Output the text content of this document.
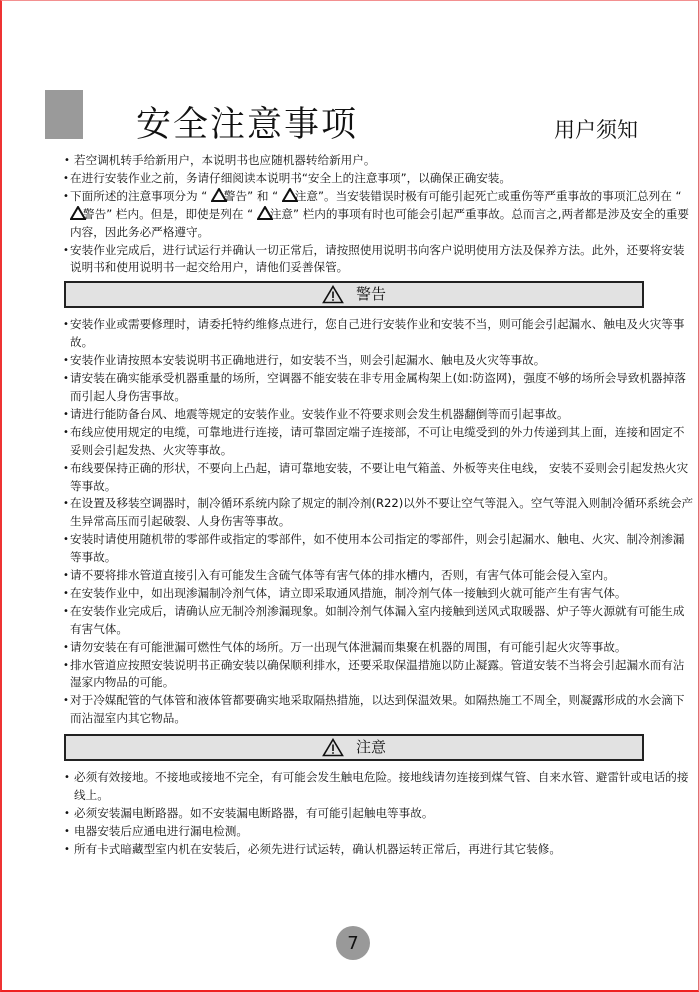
安全注意事项	用户须知

• 若空调机转手给新用户，本说明书也应随机器转给新用户。

• 在进行安装作业之前，务请仔细阅读本说明书“安全上的注意事项”，以确保正确安装。

• 下面所述的注意事项分为 “ 警告” 和 “ 注意”。当安装错误时极有可能引起死亡或重伤等严重事故的事项汇总列在 “ 警告” 栏内。但是，即使是列在 “ 注意” 栏内的事项有时也可能会引起严重事故。总而言之,两者都是涉及安全的重要内容，因此务必严格遵守。

• 安装作业完成后，进行试运行并确认一切正常后，请按照使用说明书向客户说明使用方法及保养方法。此外，还要将安装说明书和使用说明书一起交给用户，请他们妥善保管。

警告

• 安装作业或需要修理时，请委托特约维修点进行，您自己进行安装作业和安装不当，则可能会引起漏水、触电及火灾等事故。

• 安装作业请按照本安装说明书正确地进行，如安装不当，则会引起漏水、触电及火灾等事故。

• 请安装在确实能承受机器重量的场所，空调器不能安装在非专用金属构架上(如:防盗网)，强度不够的场所会导致机器掉落而引起人身伤害事故。

• 请进行能防备台风、地震等规定的安装作业。安装作业不符要求则会发生机器翻倒等而引起事故。

• 布线应使用规定的电缆，可靠地进行连接，请可靠固定端子连接部，不可让电缆受到的外力传递到其上面，连接和固定不妥则会引起发热、火灾等事故。

• 布线要保持正确的形状，不要向上凸起，请可靠地安装，不要让电气箱盖、外板等夹住电线， 安装不妥则会引起发热火灾等事故。

• 在设置及移装空调器时，制冷循环系统内除了规定的制冷剂(R22)以外不要让空气等混入。空气等混入则制冷循环系统会产生异常高压而引起破裂、人身伤害等事故。

• 安装时请使用随机带的零部件或指定的零部件，如不使用本公司指定的零部件，则会引起漏水、触电、火灾、制冷剂渗漏等事故。

• 请不要将排水管道直接引入有可能发生含硫气体等有害气体的排水槽内，否则，有害气体可能会侵入室内。

• 在安装作业中，如出现渗漏制冷剂气体，请立即采取通风措施，制冷剂气体一接触到火就可能产生有害气体。

• 在安装作业完成后，请确认应无制冷剂渗漏现象。如制冷剂气体漏入室内接触到送风式取暖器、炉子等火源就有可能生成有害气体。

• 请勿安装在有可能泄漏可燃性气体的场所。万一出现气体泄漏而集聚在机器的周围，有可能引起火灾等事故。

• 排水管道应按照安装说明书正确安装以确保顺利排水，还要采取保温措施以防止凝露。管道安装不当将会引起漏水而有沾湿家内物品的可能。

• 对于冷媒配管的气体管和液体管都要确实地采取隔热措施，以达到保温效果。如隔热施工不周全，则凝露形成的水会滴下而沾湿室内其它物品。

注意

• 必须有效接地。不接地或接地不完全，有可能会发生触电危险。接地线请勿连接到煤气管、自来水管、避雷针或电话的接线上。

• 必须安装漏电断路器。如不安装漏电断路器，有可能引起触电等事故。

• 电器安装后应通电进行漏电检测。

• 所有卡式暗藏型室内机在安装后，必须先进行试运转，确认机器运转正常后，再进行其它装修。

7
